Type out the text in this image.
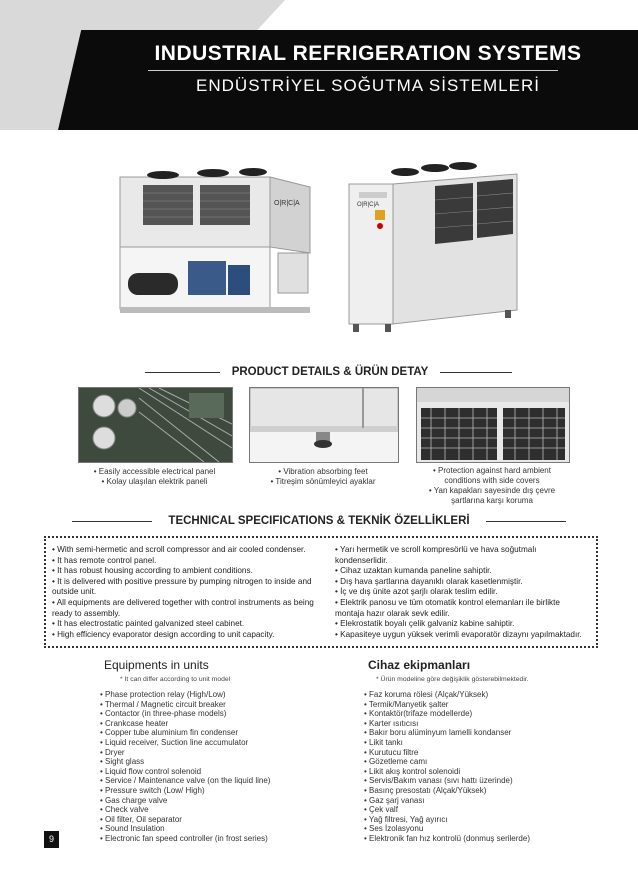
INDUSTRIAL REFRIGERATION SYSTEMS
ENDÜSTRİYEL SOĞUTMA SİSTEMLERİ
O|R|C|A	O|R|C|A
PRODUCT DETAILS & ÜRÜN DETAY
• Easily accessible electrical panel
• Kolay ulaşılan elektrik paneli
• Vibration absorbing feet
• Titreşim sönümleyici ayaklar
• Protection against hard ambient conditions with side covers
• Yan kapakları sayesinde dış çevre şartlarına karşı koruma
TECHNICAL SPECIFICATIONS & TEKNİK ÖZELLİKLERİ
• With semi-hermetic and scroll compressor and air cooled condenser.
• It has remote control panel.
• It has robust housing according to ambient conditions.
• It is delivered with positive pressure by pumping nitrogen to inside and outside unit.
• All equipments are delivered together with control instruments as being ready to assembly.
• It has electrostatic painted galvanized steel cabinet.
• High efficiency evaporator design according to unit capacity.
• Yarı hermetik ve scroll kompresörlü ve hava soğutmalı kondenserlidir.
• Cihaz uzaktan kumanda paneline sahiptir.
• Dış hava şartlarına dayanıklı olarak kasetlenmiştir.
• İç ve dış ünite azot şarjlı olarak teslim edilir.
• Elektrik panosu ve tüm otomatik kontrol elemanları ile birlikte montaja hazır olarak sevk edilir.
• Elekrostatik boyalı çelik galvaniz kabine sahiptir.
• Kapasiteye uygun yüksek verimli evaporatör dizaynı yapılmaktadır.
Equipments in units
* It can differ according to unit model
• Phase protection relay (High/Low)
• Thermal / Magnetic circuit breaker
• Contactor (in three-phase models)
• Crankcase heater
• Copper tube aluminium fin condenser
• Liquid receiver, Suction line accumulator
• Dryer
• Sight glass
• Liquid flow control solenoid
• Service / Maintenance valve (on the liquid line)
• Pressure switch (Low/ High)
• Gas charge valve
• Check valve
• Oil filter, Oil separator
• Sound Insulation
• Electronic fan speed controller (in frost series)
Cihaz ekipmanları
* Ürün modeline göre değişiklik gösterebilmektedir.
• Faz koruma rölesi (Alçak/Yüksek)
• Termik/Manyetik şalter
• Kontaktör(trifaze modellerde)
• Karter ısıtıcısı
• Bakır boru alüminyum lamelli kondanser
• Likit tankı
• Kurutucu filtre
• Gözetleme camı
• Likit akış kontrol solenoidi
• Servis/Bakım vanası (sıvı hattı üzerinde)
• Basınç presostatı (Alçak/Yüksek)
• Gaz şarj vanası
• Çek valf
• Yağ filtresi, Yağ ayırıcı
• Ses İzolasyonu
• Elektronik fan hız kontrolü (donmuş serilerde)
9
